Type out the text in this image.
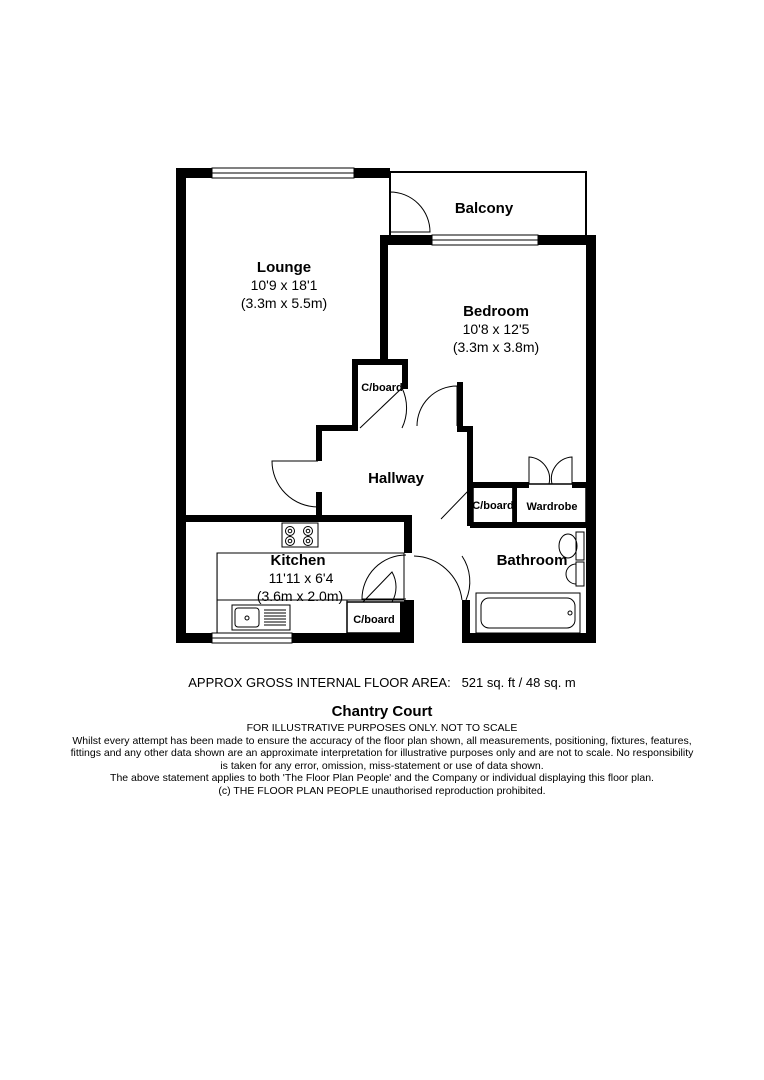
Balcony
Lounge
10'9 x 18'1
(3.3m x 5.5m)	Bedroom
10'8 x 12'5
(3.3m x 3.8m)
C/board
Hallway
C/board Wardrobe
Kitchen
11'11 x 6'4
(3.6m x 2.0m)
Bathroom
C/board
APPROX GROSS INTERNAL FLOOR AREA: 521 sq. ft / 48 sq. m
Chantry Court
FOR ILLUSTRATIVE PURPOSES ONLY. NOT TO SCALE
Whilst every attempt has been made to ensure the accuracy of the floor plan shown, all measurements, positioning, fixtures, features,
fittings and any other data shown are an approximate interpretation for illustrative purposes only and are not to scale. No responsibility
is taken for any error, omission, miss-statement or use of data shown.
The above statement applies to both 'The Floor Plan People' and the Company or individual displaying this floor plan.
(c) THE FLOOR PLAN PEOPLE unauthorised reproduction prohibited.
